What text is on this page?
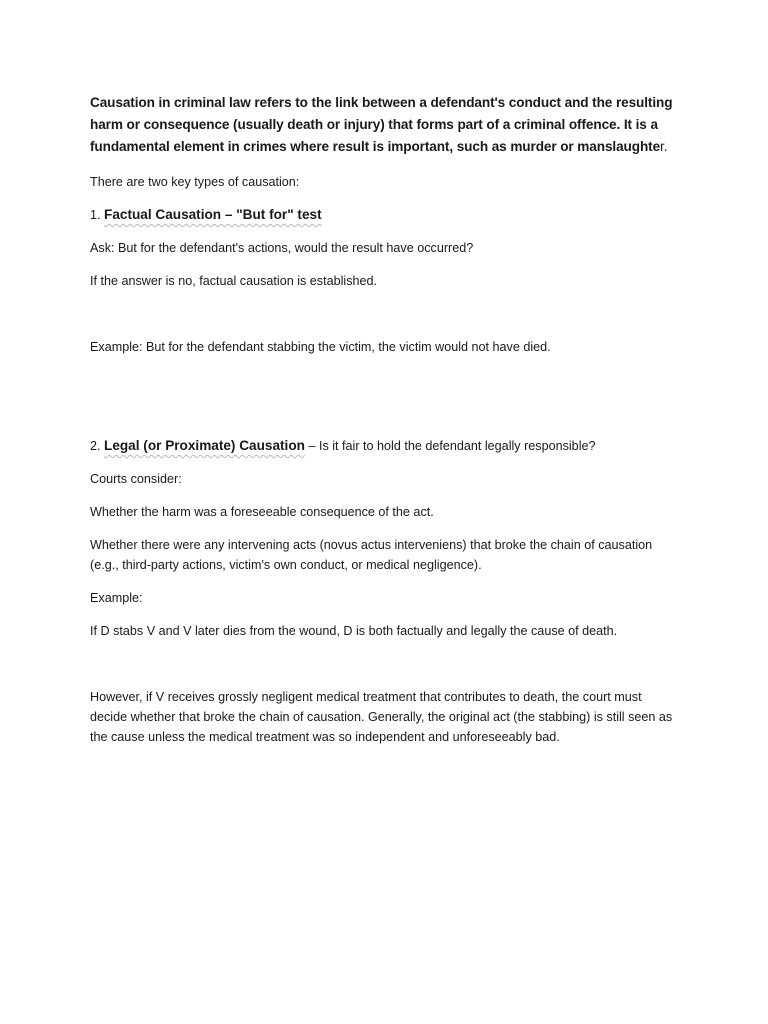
Causation in criminal law refers to the link between a defendant's conduct and the resulting harm or consequence (usually death or injury) that forms part of a criminal offence. It is a fundamental element in crimes where result is important, such as murder or manslaughter.

There are two key types of causation:

1. Factual Causation – "But for" test

Ask: But for the defendant's actions, would the result have occurred?

If the answer is no, factual causation is established.

Example: But for the defendant stabbing the victim, the victim would not have died.

2. Legal (or Proximate) Causation – Is it fair to hold the defendant legally responsible?

Courts consider:

Whether the harm was a foreseeable consequence of the act.

Whether there were any intervening acts (novus actus interveniens) that broke the chain of causation (e.g., third-party actions, victim's own conduct, or medical negligence).

Example:

If D stabs V and V later dies from the wound, D is both factually and legally the cause of death.

However, if V receives grossly negligent medical treatment that contributes to death, the court must decide whether that broke the chain of causation. Generally, the original act (the stabbing) is still seen as the cause unless the medical treatment was so independent and unforeseeably bad.
